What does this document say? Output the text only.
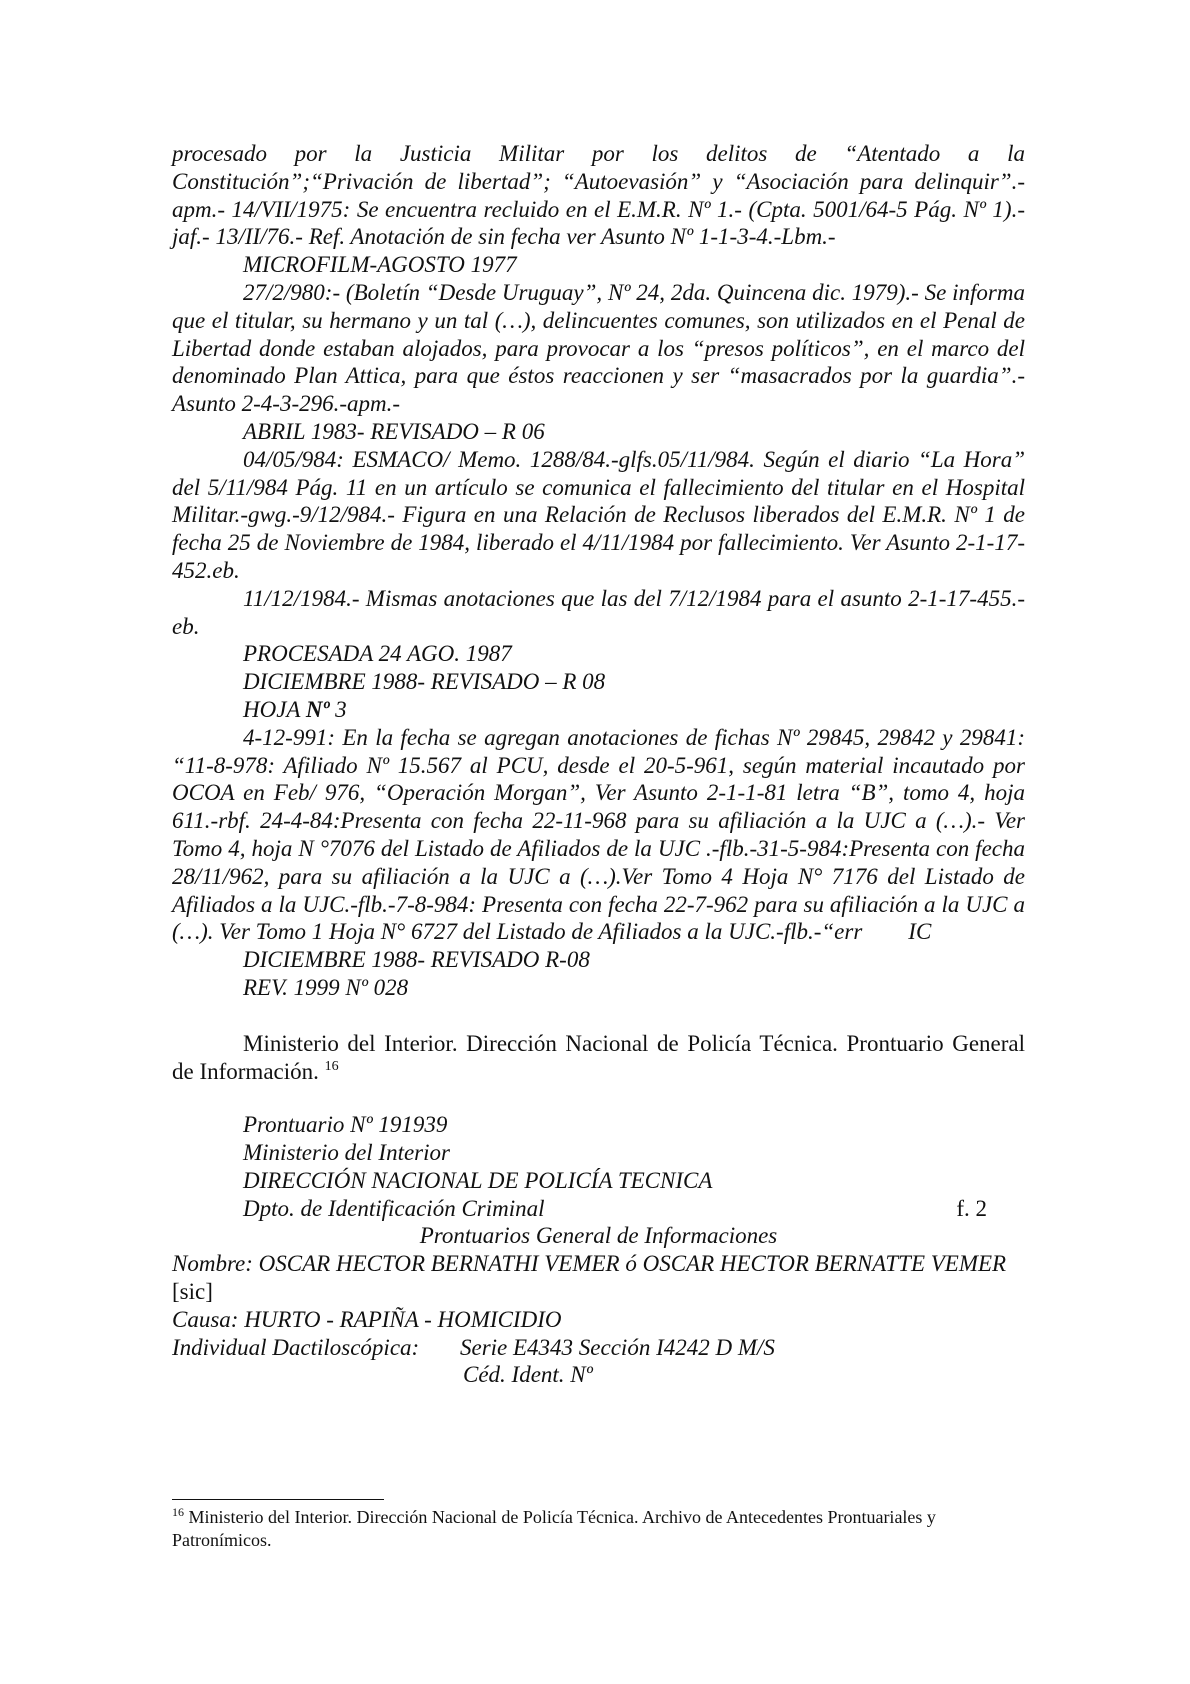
procesado por la Justicia Militar por los delitos de “Atentado a la Constitución”;“Privación de libertad”; “Autoevasión” y “Asociación para delinquir”.-apm.- 14/VII/1975: Se encuentra recluido en el E.M.R. Nº 1.- (Cpta. 5001/64-5 Pág. Nº 1).- jaf.- 13/II/76.- Ref. Anotación de sin fecha ver Asunto Nº 1-1-3-4.-Lbm.-

MICROFILM-AGOSTO 1977

27/2/980:- (Boletín “Desde Uruguay”, Nº 24, 2da. Quincena dic. 1979).- Se informa que el titular, su hermano y un tal (…), delincuentes comunes, son utilizados en el Penal de Libertad donde estaban alojados, para provocar a los “presos políticos”, en el marco del denominado Plan Attica, para que éstos reaccionen y ser “masacrados por la guardia”.- Asunto 2-4-3-296.-apm.-

ABRIL 1983- REVISADO – R 06

04/05/984: ESMACO/ Memo. 1288/84.-glfs.05/11/984. Según el diario “La Hora” del 5/11/984 Pág. 11 en un artículo se comunica el fallecimiento del titular en el Hospital Militar.-gwg.-9/12/984.- Figura en una Relación de Reclusos liberados del E.M.R. Nº 1 de fecha 25 de Noviembre de 1984, liberado el 4/11/1984 por fallecimiento. Ver Asunto 2-1-17-452.eb.

11/12/1984.- Mismas anotaciones que las del 7/12/1984 para el asunto 2-1-17-455.-eb.

PROCESADA 24 AGO. 1987

DICIEMBRE 1988- REVISADO – R 08

HOJA Nº 3

4-12-991: En la fecha se agregan anotaciones de fichas Nº 29845, 29842 y 29841: “11-8-978: Afiliado Nº 15.567 al PCU, desde el 20-5-961, según material incautado por OCOA en Feb/ 976, “Operación Morgan”, Ver Asunto 2-1-1-81 letra “B”, tomo 4, hoja 611.-rbf. 24-4-84:Presenta con fecha 22-11-968 para su afiliación a la UJC a (…).- Ver Tomo 4, hoja N °7076 del Listado de Afiliados de la UJC .-flb.-31-5-984:Presenta con fecha 28/11/962, para su afiliación a la UJC a (…).Ver Tomo 4 Hoja N° 7176 del Listado de Afiliados a la UJC.-flb.-7-8-984: Presenta con fecha 22-7-962 para su afiliación a la UJC a (…). Ver Tomo 1 Hoja N° 6727 del Listado de Afiliados a la UJC.-flb.-“err        IC

DICIEMBRE 1988- REVISADO R-08

REV. 1999 Nº 028

Ministerio del Interior. Dirección Nacional de Policía Técnica. Prontuario General de Información. $^{16}$

Prontuario Nº 191939

Ministerio del Interior

DIRECCIÓN NACIONAL DE POLICÍA TECNICA

Dpto. de Identificación Criminal	f. 2

Prontuarios General de Informaciones

Nombre: OSCAR HECTOR BERNATHI VEMER ó OSCAR HECTOR BERNATTE VEMER [sic]

Causa: HURTO - RAPIÑA - HOMICIDIO

Individual Dactiloscópica: Serie E4343 Sección I4242 D M/S

Céd. Ident. Nº

$^{16}$ Ministerio del Interior. Dirección Nacional de Policía Técnica. Archivo de Antecedentes Prontuariales y Patronímicos.
